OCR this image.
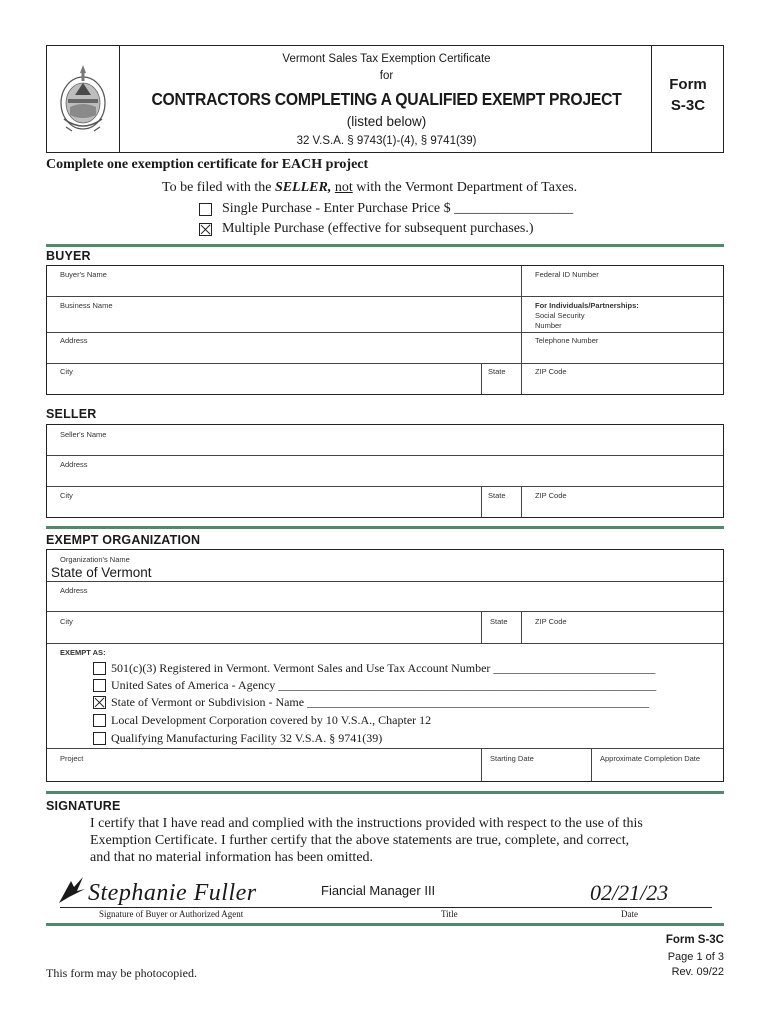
Vermont Sales Tax Exemption Certificate
for
CONTRACTORS COMPLETING A QUALIFIED EXEMPT PROJECT
(listed below)
32 V.S.A. § 9743(1)-(4), § 9741(39)
Form
S-3C
Complete one exemption certificate for EACH project
To be filed with the SELLER, not with the Vermont Department of Taxes.
Single Purchase - Enter Purchase Price $ _________________
Multiple Purchase (effective for subsequent purchases.)
BUYER
Buyer's Name	Federal ID Number
Business Name	For Individuals/Partnerships:
Social Security
Number
Address	Telephone Number
City	State	ZIP Code
SELLER
Seller's Name
Address
City	State	ZIP Code
EXEMPT ORGANIZATION
Organization's Name
State of Vermont
Address
City	State	ZIP Code
EXEMPT AS:
501(c)(3) Registered in Vermont. Vermont Sales and Use Tax Account Number ___________________________
United Sates of America - Agency _______________________________________________________________
State of Vermont or Subdivision - Name _________________________________________________________
Local Development Corporation covered by 10 V.S.A., Chapter 12
Qualifying Manufacturing Facility 32 V.S.A. § 9741(39)
Project	Starting Date	Approximate Completion Date
SIGNATURE
I certify that I have read and complied with the instructions provided with respect to the use of this
Exemption Certificate. I further certify that the above statements are true, complete, and correct,
and that no material information has been omitted.
Stephanie Fuller	Fiancial Manager III	02/21/23
Signature of Buyer or Authorized Agent	Title	Date
Form S-3C
Page 1 of 3
Rev. 09/22
This form may be photocopied.
